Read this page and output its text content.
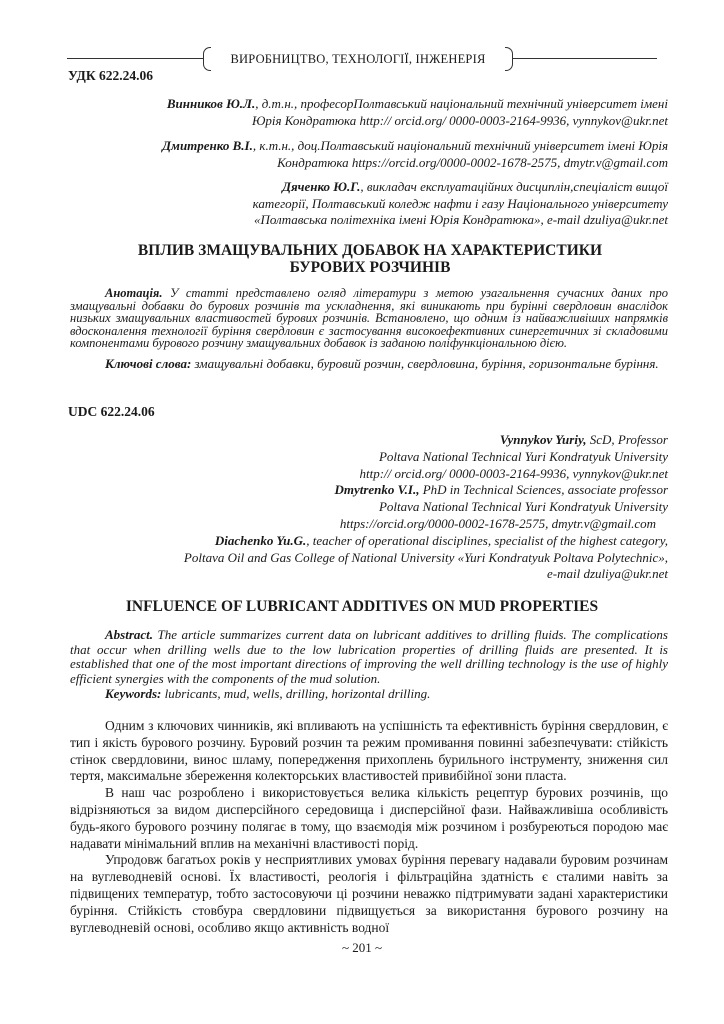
ВИРОБНИЦТВО, ТЕХНОЛОГІЇ, ІНЖЕНЕРІЯ
УДК 622.24.06
Винников Ю.Л., д.т.н., професорПолтавський національний технічний університет імені
Юрія Кондратюка http:// orcid.org/ 0000-0003-2164-9936, vynnykov@ukr.net
Дмитренко В.І., к.т.н., доц.Полтавський національний технічний університет імені Юрія
Кондратюка https://orcid.org/0000-0002-1678-2575, dmytr.v@gmail.com
Дяченко Ю.Г., викладач експлуатаційних дисциплін,спеціаліст вищої
категорії, Полтавський коледж нафти і газу Національного університету
«Полтавська політехніка імені Юрія Кондратюка», e-mail dzuliya@ukr.net
ВПЛИВ ЗМАЩУВАЛЬНИХ ДОБАВОК НА ХАРАКТЕРИСТИКИ
БУРОВИХ РОЗЧИНІВ
Анотація. У статті представлено огляд літератури з метою узагальнення сучасних даних про змащувальні добавки до бурових розчинів та ускладнення, які виникають при бурінні свердловин внаслідок низьких змащувальних властивостей бурових розчинів. Встановлено, що одним із найважливіших напрямків вдосконалення технології буріння свердловин є застосування високоефективних синергетичних зі складовими компонентами бурового розчину змащувальних добавок із заданою поліфункціональною дією.
Ключові слова: змащувальні добавки, буровий розчин, свердловина, буріння, горизонтальне буріння.
UDC 622.24.06
Vynnykov Yuriy, ScD, Professor
Poltava National Technical Yuri Kondratyuk University
http:// orcid.org/ 0000-0003-2164-9936, vynnykov@ukr.net
Dmytrenko V.I., PhD in Technical Sciences, associate professor
Poltava National Technical Yuri Kondratyuk University
https://orcid.org/0000-0002-1678-2575, dmytr.v@gmail.com
Diachenko Yu.G., teacher of operational disciplines, specialist of the highest category,
Poltava Oil and Gas College of National University «Yuri Kondratyuk Poltava Polytechnic»,
e-mail dzuliya@ukr.net
INFLUENCE OF LUBRICANT ADDITIVES ON MUD PROPERTIES
Abstract. The article summarizes current data on lubricant additives to drilling fluids. The complications that occur when drilling wells due to the low lubrication properties of drilling fluids are presented. It is established that one of the most important directions of improving the well drilling technology is the use of highly efficient synergies with the components of the mud solution.
Keywords: lubricants, mud, wells, drilling, horizontal drilling.

Одним з ключових чинників, які впливають на успішність та ефективність буріння свердловин, є тип і якість бурового розчину. Буровий розчин та режим промивання повинні забезпечувати: стійкість стінок свердловини, винос шламу, попередження прихоплень бурильного інструменту, зниження сил тертя, максимальне збереження колекторських властивостей привибійної зони пласта.

В наш час розроблено і використовується велика кількість рецептур бурових розчинів, що відрізняються за видом дисперсійного середовища і дисперсійної фази. Найважливіша особливість будь-якого бурового розчину полягає в тому, що взаємодія між розчином і розбуреються породою має надавати мінімальний вплив на механічні властивості порід.

Упродовж багатьох років у несприятливих умовах буріння перевагу надавали буровим розчинам на вуглеводневій основі. Їх властивості, реологія і фільтраційна здатність є сталими навіть за підвищених температур, тобто застосовуючи ці розчини неважко підтримувати задані характеристики буріння. Стійкість стовбура свердловини підвищується за використання бурового розчину на вуглеводневій основі, особливо якщо активність водної

~ 201 ~
